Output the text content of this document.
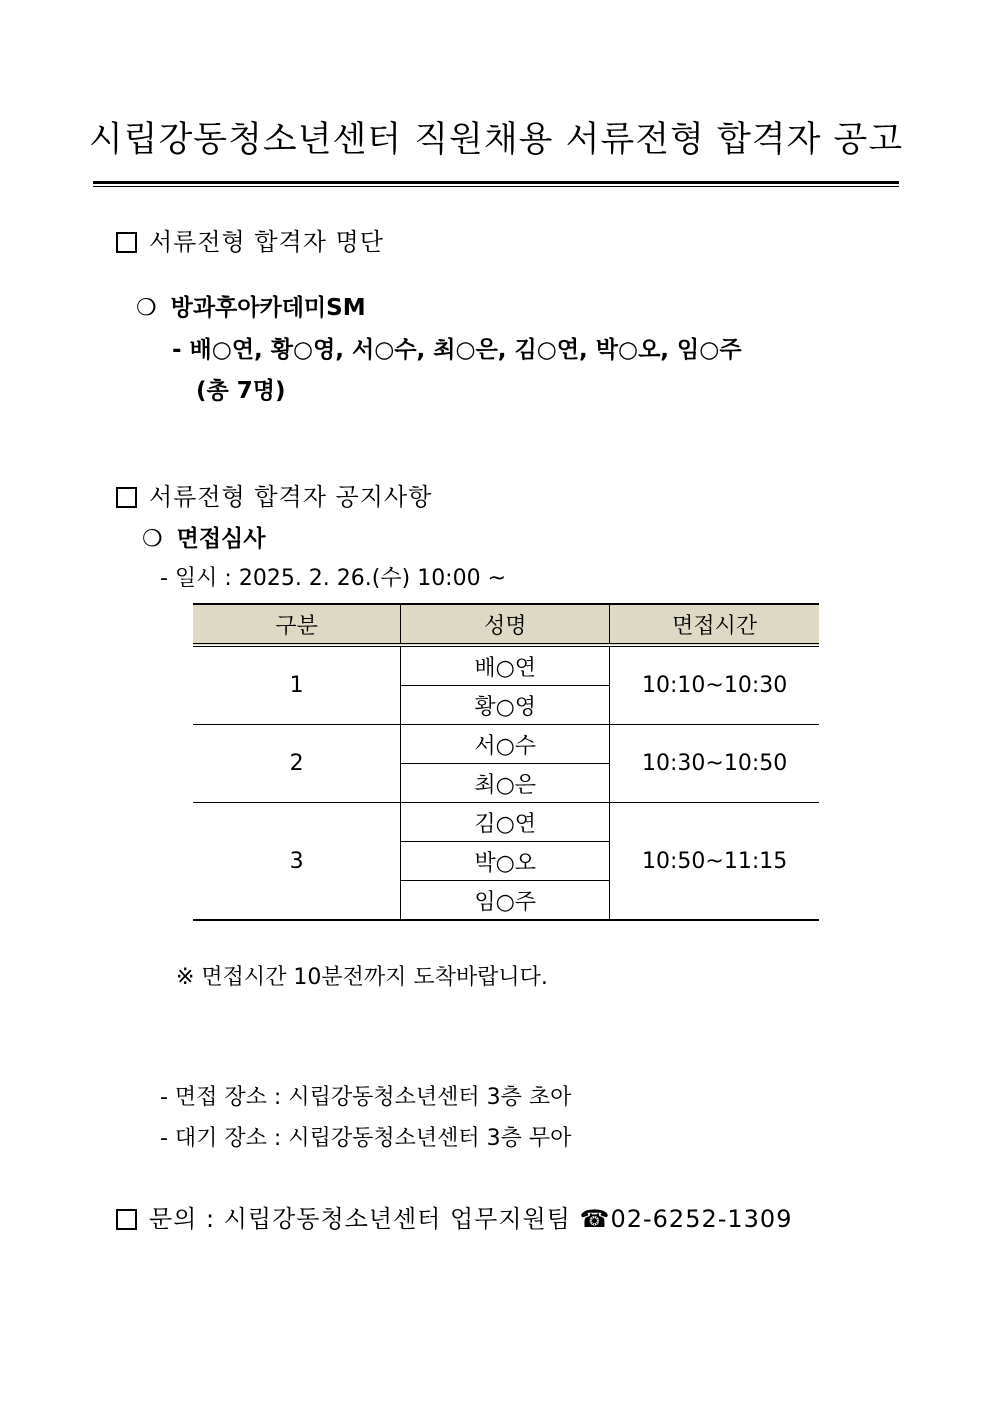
시립강동청소년센터 직원채용 서류전형 합격자 공고
서류전형 합격자 명단
❍ 방과후아카데미SM
- 배○연, 황○영, 서○수, 최○은, 김○연, 박○오, 임○주
(총 7명)
서류전형 합격자 공지사항
❍ 면접심사
- 일시 : 2025. 2. 26.(수) 10:00 ~
구분	성명	면접시간
1	배○연	10:10~10:30
	황○영	
2	서○수	10:30~10:50
	최○은	
3	김○연	10:50~11:15
	박○오	
	임○주	
※ 면접시간 10분전까지 도착바랍니다.
- 면접 장소 : 시립강동청소년센터 3층 초아
- 대기 장소 : 시립강동청소년센터 3층 무아
문의 : 시립강동청소년센터 업무지원팀 ☎02-6252-1309
